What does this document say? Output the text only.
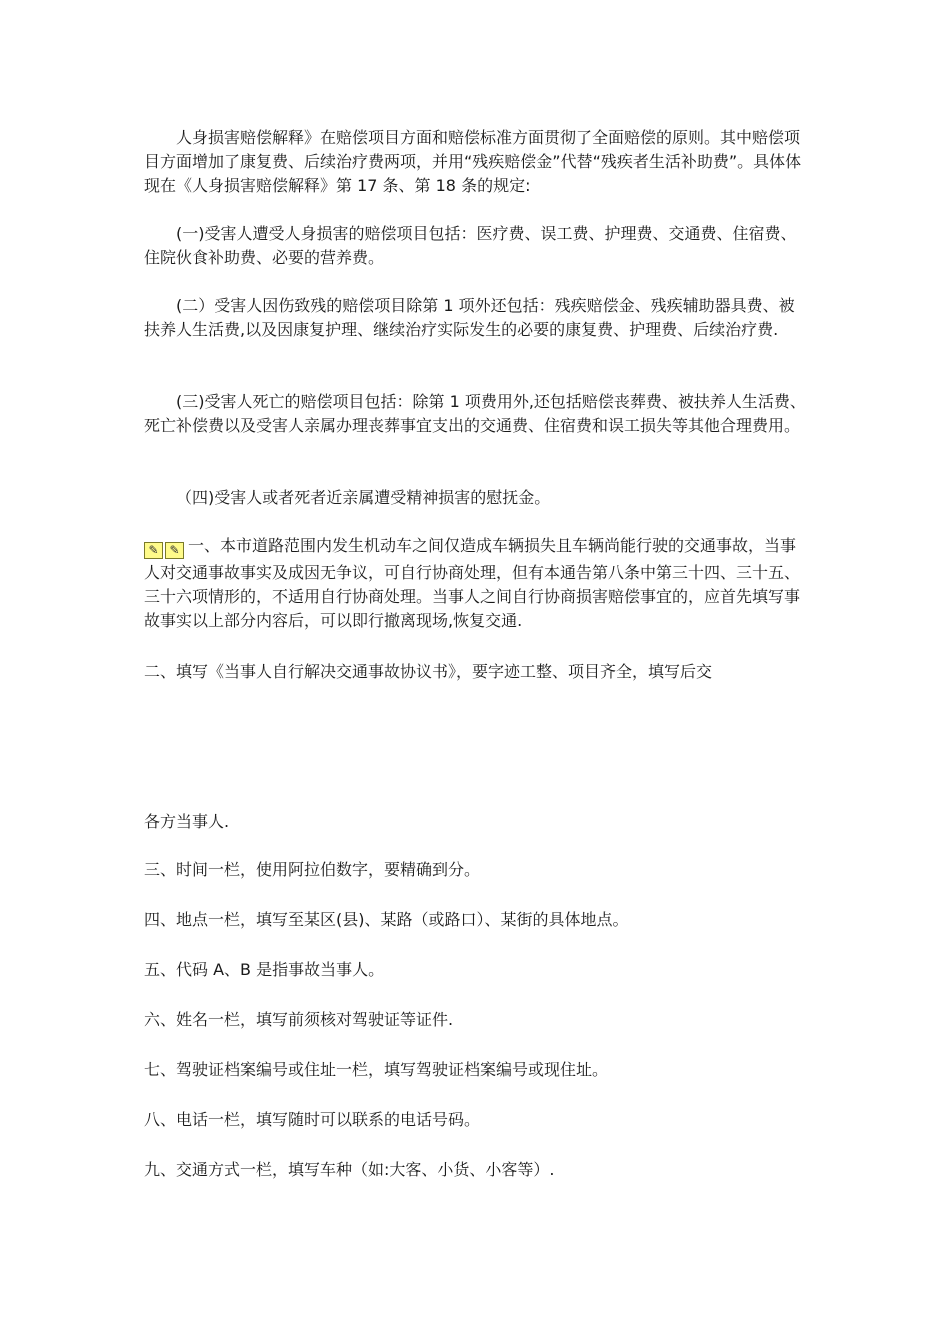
人身损害赔偿解释》在赔偿项目方面和赔偿标准方面贯彻了全面赔偿的原则。其中赔偿项目方面增加了康复费、后续治疗费两项，并用“残疾赔偿金”代替“残疾者生活补助费”。具体体现在《人身损害赔偿解释》第 17 条、第 18 条的规定:

(一)受害人遭受人身损害的赔偿项目包括：医疗费、误工费、护理费、交通费、住宿费、住院伙食补助费、必要的营养费。

(二）受害人因伤致残的赔偿项目除第 1 项外还包括：残疾赔偿金、残疾辅助器具费、被扶养人生活费,以及因康复护理、继续治疗实际发生的必要的康复费、护理费、后续治疗费.

(三)受害人死亡的赔偿项目包括：除第 1 项费用外,还包括赔偿丧葬费、被扶养人生活费、死亡补偿费以及受害人亲属办理丧葬事宜支出的交通费、住宿费和误工损失等其他合理费用。

（四)受害人或者死者近亲属遭受精神损害的慰抚金。

✎ ✎ 一、本市道路范围内发生机动车之间仅造成车辆损失且车辆尚能行驶的交通事故，当事人对交通事故事实及成因无争议，可自行协商处理，但有本通告第八条中第三十四、三十五、三十六项情形的，不适用自行协商处理。当事人之间自行协商损害赔偿事宜的，应首先填写事故事实以上部分内容后，可以即行撤离现场,恢复交通.

二、填写《当事人自行解决交通事故协议书》，要字迹工整、项目齐全，填写后交

各方当事人.

三、时间一栏，使用阿拉伯数字，要精确到分。

四、地点一栏，填写至某区(县)、某路（或路口）、某街的具体地点。

五、代码 A、B 是指事故当事人。

六、姓名一栏，填写前须核对驾驶证等证件.

七、驾驶证档案编号或住址一栏，填写驾驶证档案编号或现住址。

八、电话一栏，填写随时可以联系的电话号码。

九、交通方式一栏，填写车种（如:大客、小货、小客等）.
